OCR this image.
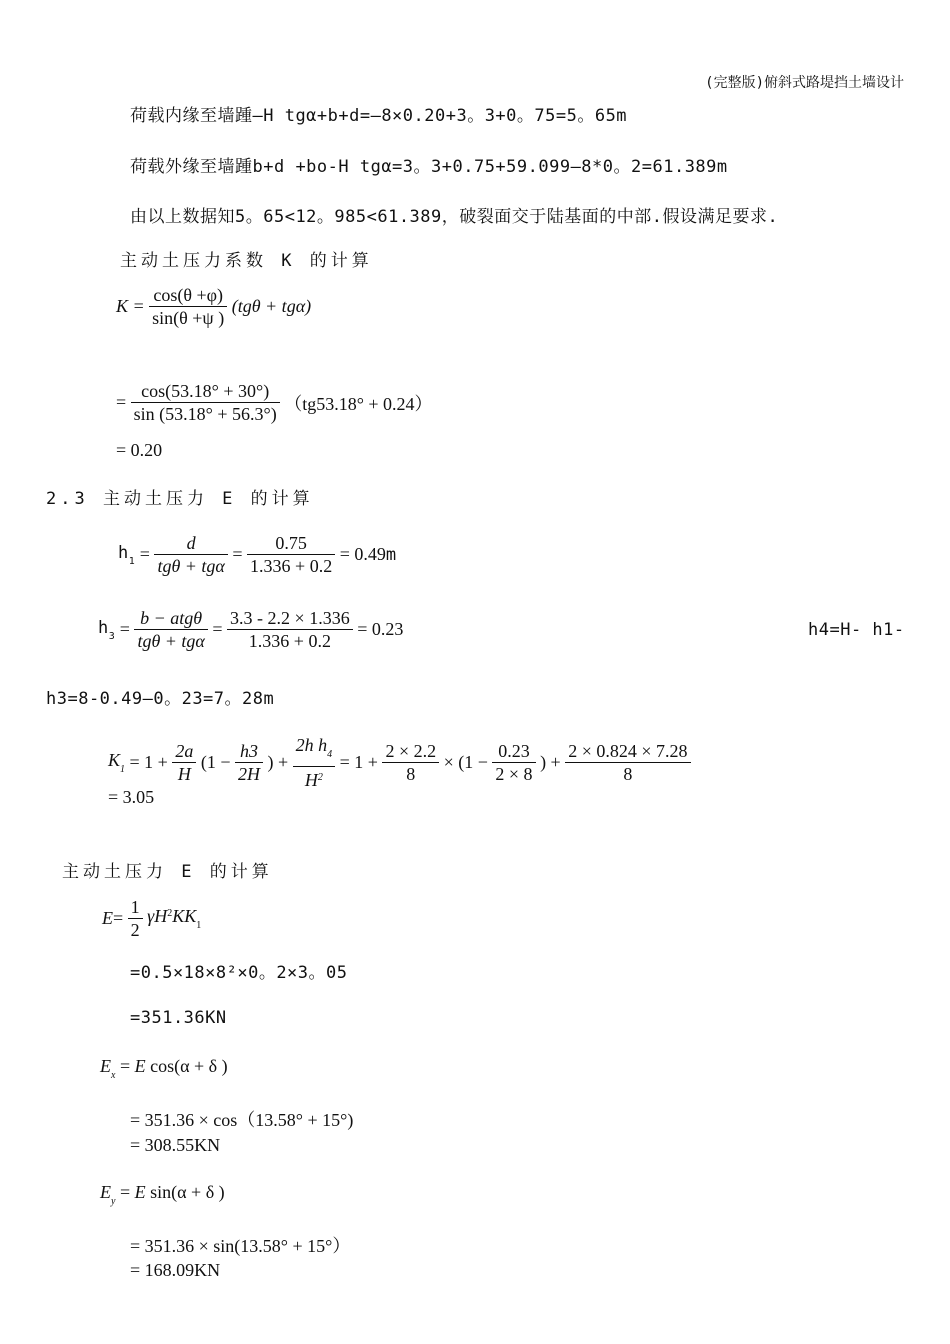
(完整版)俯斜式路堤挡土墙设计
荷载内缘至墙踵—H tgα+b+d=—8×0.20+3。3+0。75=5。65m
荷载外缘至墙踵b+d +bo-H tgα=3。3+0.75+59.099—8*0。2=61.389m
由以上数据知5。65<12。985<61.389，破裂面交于陆基面的中部.假设满足要求.
主动土压力系数 K 的计算
$K = \frac{\cos(\theta +\varphi)}{\sin(\theta +\psi )} (tg\theta + tg\alpha)$
= $\frac{\cos(53.18^\circ + 30^\circ)}{\sin (53.18^\circ + 56.3^\circ)} (tg53.18^\circ + 0.24)$
= 0.20
2.3 主动土压力 E 的计算
$h_1 = \frac{d}{\text{tgθ + tgα}} = \frac{0.75}{1.336 + 0.2} = 0.49m$
$h_3 = \frac{\text{b − atgθ}}{\text{tgθ + tgα}} = \frac{3.3 - 2.2 \times 1.336}{1.336 + 0.2} = 0.23$	h4=H- h1-
h3=8-0.49—0。23=7。28m
$K_1 = 1 + \frac{2a}{H} (1 - \frac{h3}{2H}$ ) + $\frac{2h h_4}{H^2} = 1 + \frac{2 \times 2.2}{8} \times (1 - \frac{0.23}{2 \times 8}$ ) + $\frac{2 \times 0.824 \times 7.28}{8}$
= 3.05
主动土压力 E 的计算
$E= \frac{1}{2} \gamma H^2KK_1$
=0.5×18×8²×0。2×3。05
=351.36KN
$E_x = E$ cos(α + δ )
= 351.36 × cos（13.58° + 15°)
= 308.55KN
$E_y = E$ sin(α + δ )
= 351.36 × sin(13.58° + 15°）
= 168.09KN
